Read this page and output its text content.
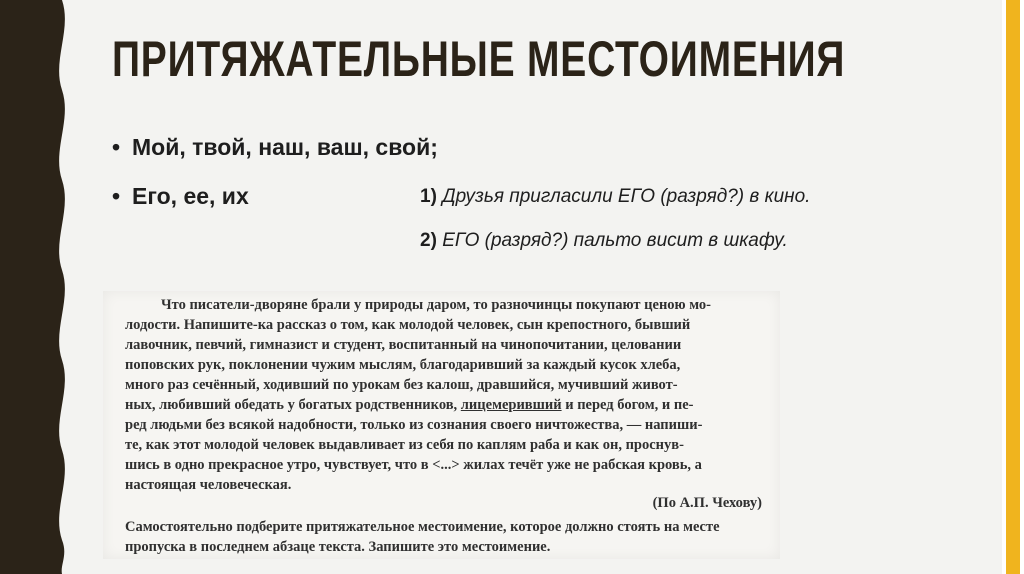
ПРИТЯЖАТЕЛЬНЫЕ МЕСТОИМЕНИЯ
• Мой, твой, наш, ваш, свой;
• Его, ее, их	1) Друзья пригласили ЕГО (разряд?) в кино.
2) ЕГО (разряд?) пальто висит в шкафу.
Что писатели-дворяне брали у природы даром, то разночинцы покупают ценою мо-
лодости. Напишите-ка рассказ о том, как молодой человек, сын крепостного, бывший
лавочник, певчий, гимназист и студент, воспитанный на чинопочитании, целовании
поповских рук, поклонении чужим мыслям, благодаривший за каждый кусок хлеба,
много раз сечённый, ходивший по урокам без калош, дравшийся, мучивший живот-
ных, любивший обедать у богатых родственников, лицемеривший и перед богом, и пе-
ред людьми без всякой надобности, только из сознания своего ничтожества, — напиши-
те, как этот молодой человек выдавливает из себя по каплям раба и как он, проснув-
шись в одно прекрасное утро, чувствует, что в <...> жилах течёт уже не рабская кровь, а
настоящая человеческая.
(По А.П. Чехову)
Самостоятельно подберите притяжательное местоимение, которое должно стоять на месте
пропуска в последнем абзаце текста. Запишите это местоимение.
